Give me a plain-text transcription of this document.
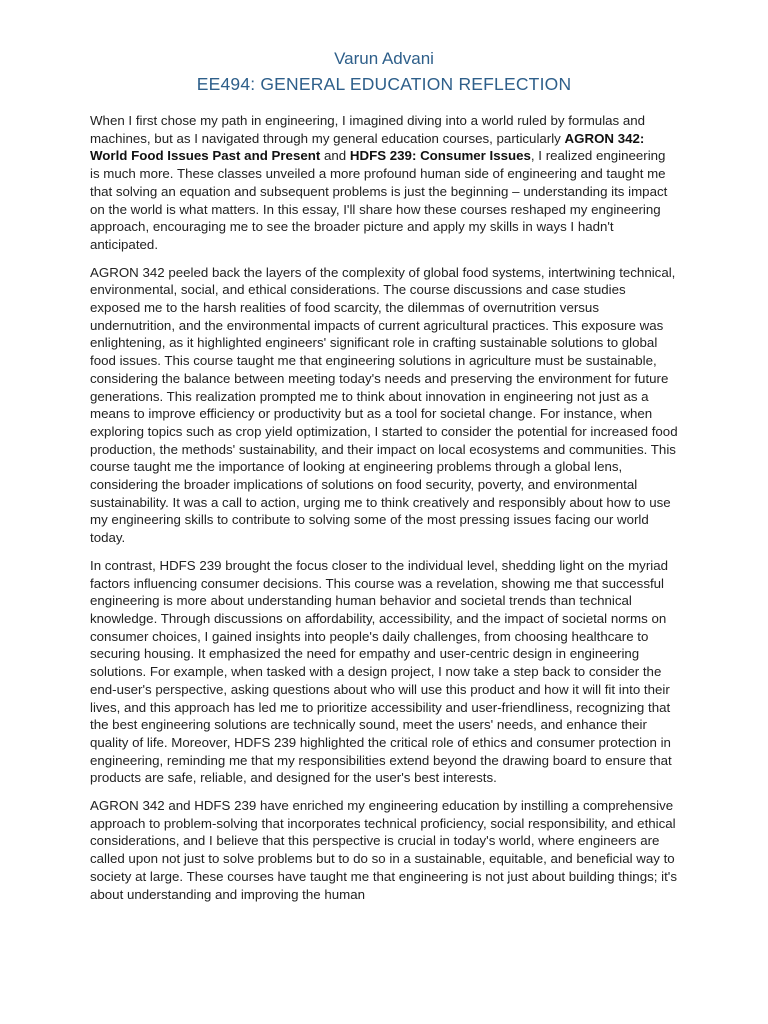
Varun Advani

EE494: GENERAL EDUCATION REFLECTION

When I first chose my path in engineering, I imagined diving into a world ruled by formulas and machines, but as I navigated through my general education courses, particularly AGRON 342: World Food Issues Past and Present and HDFS 239: Consumer Issues, I realized engineering is much more. These classes unveiled a more profound human side of engineering and taught me that solving an equation and subsequent problems is just the beginning – understanding its impact on the world is what matters. In this essay, I'll share how these courses reshaped my engineering approach, encouraging me to see the broader picture and apply my skills in ways I hadn't anticipated.

AGRON 342 peeled back the layers of the complexity of global food systems, intertwining technical, environmental, social, and ethical considerations. The course discussions and case studies exposed me to the harsh realities of food scarcity, the dilemmas of overnutrition versus undernutrition, and the environmental impacts of current agricultural practices. This exposure was enlightening, as it highlighted engineers' significant role in crafting sustainable solutions to global food issues. This course taught me that engineering solutions in agriculture must be sustainable, considering the balance between meeting today's needs and preserving the environment for future generations. This realization prompted me to think about innovation in engineering not just as a means to improve efficiency or productivity but as a tool for societal change. For instance, when exploring topics such as crop yield optimization, I started to consider the potential for increased food production, the methods' sustainability, and their impact on local ecosystems and communities. This course taught me the importance of looking at engineering problems through a global lens, considering the broader implications of solutions on food security, poverty, and environmental sustainability. It was a call to action, urging me to think creatively and responsibly about how to use my engineering skills to contribute to solving some of the most pressing issues facing our world today.

In contrast, HDFS 239 brought the focus closer to the individual level, shedding light on the myriad factors influencing consumer decisions. This course was a revelation, showing me that successful engineering is more about understanding human behavior and societal trends than technical knowledge. Through discussions on affordability, accessibility, and the impact of societal norms on consumer choices, I gained insights into people's daily challenges, from choosing healthcare to securing housing. It emphasized the need for empathy and user-centric design in engineering solutions. For example, when tasked with a design project, I now take a step back to consider the end-user's perspective, asking questions about who will use this product and how it will fit into their lives, and this approach has led me to prioritize accessibility and user-friendliness, recognizing that the best engineering solutions are technically sound, meet the users' needs, and enhance their quality of life. Moreover, HDFS 239 highlighted the critical role of ethics and consumer protection in engineering, reminding me that my responsibilities extend beyond the drawing board to ensure that products are safe, reliable, and designed for the user's best interests.

AGRON 342 and HDFS 239 have enriched my engineering education by instilling a comprehensive approach to problem-solving that incorporates technical proficiency, social responsibility, and ethical considerations, and I believe that this perspective is crucial in today's world, where engineers are called upon not just to solve problems but to do so in a sustainable, equitable, and beneficial way to society at large. These courses have taught me that engineering is not just about building things; it's about understanding and improving the human
